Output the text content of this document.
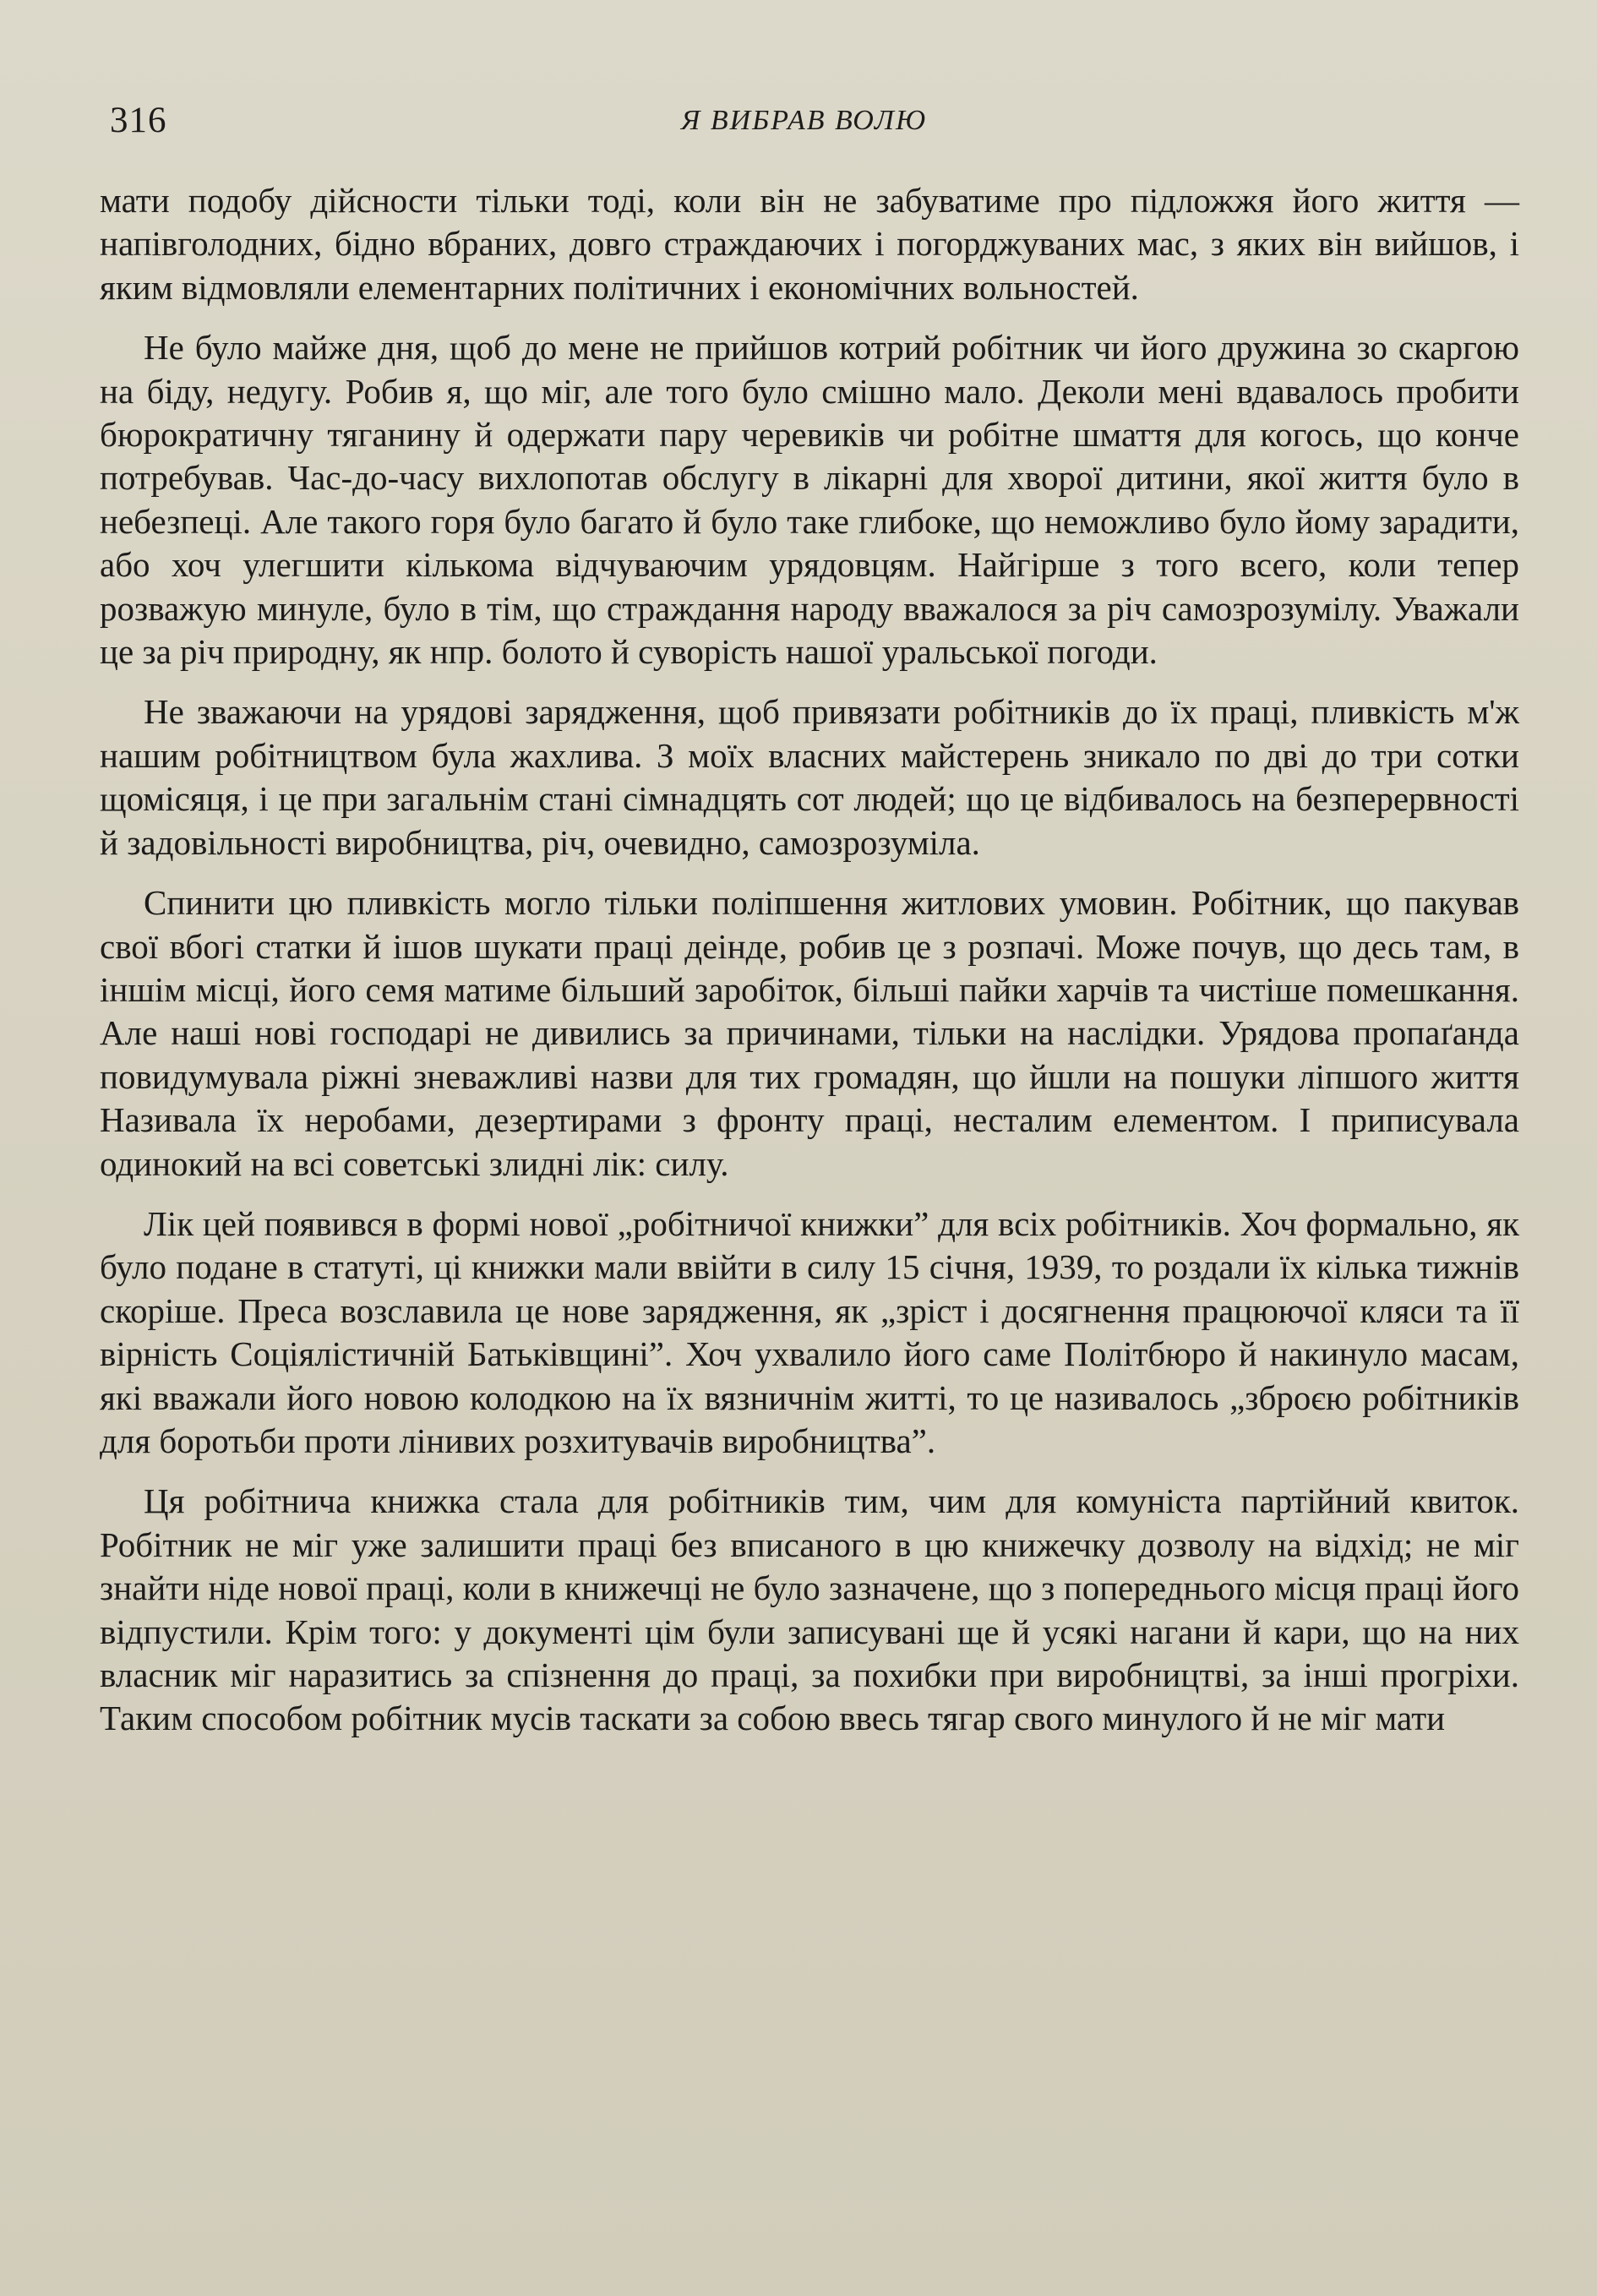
316	Я ВИБРАВ ВОЛЮ

мати подобу дійсности тільки тоді, коли він не забуватиме про підложжя його життя — напівголодних, бідно вбраних, довго страждаючих і погорджуваних мас, з яких він вийшов, і яким відмовляли елементарних політичних і економічних вольностей.

Не було майже дня, щоб до мене не прийшов котрий робітник чи його дружина зо скаргою на біду, недугу. Робив я, що міг, але того було смішно мало. Деколи мені вдавалось пробити бюрократичну тяганину й одержати пару черевиків чи робітне шмаття для когось, що конче потребував. Час-до-часу вихлопотав обслугу в лікарні для хворої дитини, якої життя було в небезпеці. Але такого горя було багато й було таке глибоке, що неможливо було йому зарадити, або хоч улегшити кількома відчуваючим урядовцям. Найгірше з того всего, коли тепер розважую минуле, було в тім, що страждання народу вважалося за річ самозрозумілу. Уважали це за річ природну, як нпр. болото й суворість нашої уральської погоди.

Не зважаючи на урядові зарядження, щоб привязати робітників до їх праці, пливкість м'ж нашим робітництвом була жахлива. З моїх власних майстерень зникало по дві до три сотки щомісяця, і це при загальнім стані сімнадцять сот людей; що це відбивалось на безперервності й задовільності виробництва, річ, очевидно, самозрозуміла.

Спинити цю пливкість могло тільки поліпшення житлових умовин. Робітник, що пакував свої вбогі статки й ішов шукати праці деінде, робив це з розпачі. Може почув, що десь там, в іншім місці, його семя матиме більший заробіток, більші пайки харчів та чистіше помешкання. Але наші нові господарі не дивились за причинами, тільки на наслідки. Урядова пропаґанда повидумувала ріжні зневажливі назви для тих громадян, що йшли на пошуки ліпшого життя Називала їх неробами, дезертирами з фронту праці, несталим елементом. І приписувала одинокий на всі советські злидні лік: силу.

Лік цей появився в формі нової „робітничої книжки” для всіх робітників. Хоч формально, як було подане в статуті, ці книжки мали ввійти в силу 15 січня, 1939, то роздали їх кілька тижнів скоріше. Преса возславила це нове зарядження, як „зріст і досягнення працюючої кляси та її вірність Соціялістичній Батьківщині”. Хоч ухвалило його саме Політбюро й накинуло масам, які вважали його новою колодкою на їх вязничнім житті, то це називалось „зброєю робітників для боротьби проти лінивих розхитувачів виробництва”.

Ця робітнича книжка стала для робітників тим, чим для комуніста партійний квиток. Робітник не міг уже залишити праці без вписаного в цю книжечку дозволу на відхід; не міг знайти ніде нової праці, коли в книжечці не було зазначене, що з попереднього місця праці його відпустили. Крім того: у документі цім були записувані ще й усякі нагани й кари, що на них власник міг наразитись за спізнення до праці, за похибки при виробництві, за інші прогріхи. Таким способом робітник мусів таскати за собою ввесь тягар свого минулого й не міг мати
